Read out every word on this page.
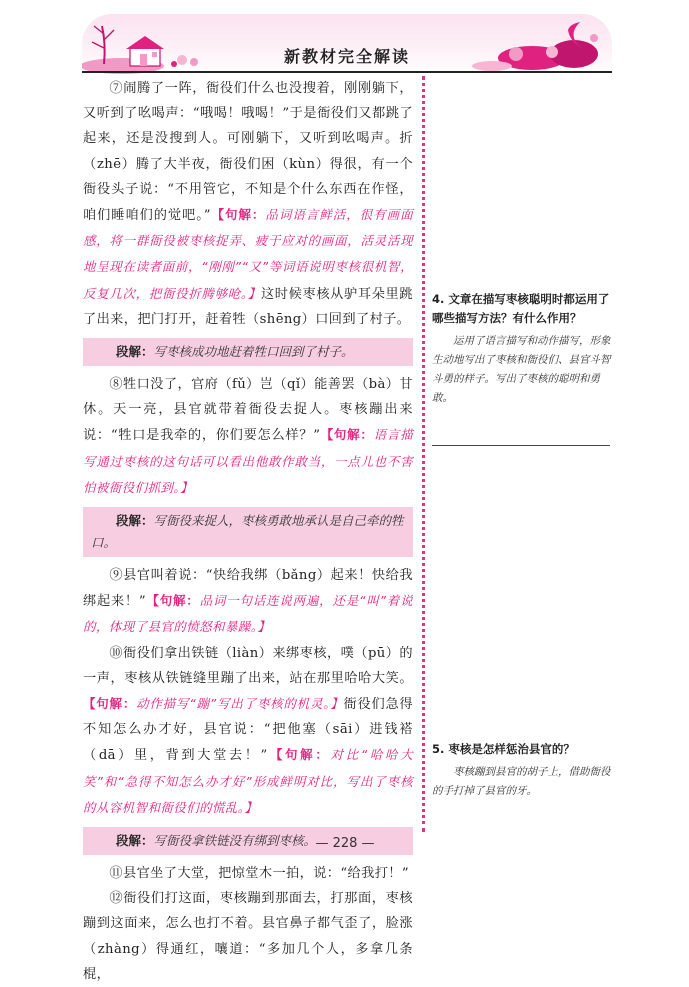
新教材完全解读

⑦闹腾了一阵，衙役们什么也没搜着，刚刚躺下，又听到了吆喝声：“哦喝！哦喝！”于是衙役们又都跳了起来，还是没搜到人。可刚躺下，又听到吆喝声。折（zhē）腾了大半夜，衙役们困（kùn）得很，有一个衙役头子说：“不用管它，不知是个什么东西在作怪，咱们睡咱们的觉吧。”【句解：品词语言鲜活，很有画面感，将一群衙役被枣核捉弄、疲于应对的画面，活灵活现地呈现在读者面前，“刚刚”“又”等词语说明枣核很机智，反复几次，把衙役折腾够呛。】这时候枣核从驴耳朵里跳了出来，把门打开，赶着牲（shēng）口回到了村子。

段解：写枣核成功地赶着牲口回到了村子。

⑧牲口没了，官府（fǔ）岂（qǐ）能善罢（bà）甘休。天一亮，县官就带着衙役去捉人。枣核蹦出来说：“牲口是我牵的，你们要怎么样？”【句解：语言描写通过枣核的这句话可以看出他敢作敢当，一点儿也不害怕被衙役们抓到。】

段解：写衙役来捉人，枣核勇敢地承认是自己牵的牲口。

⑨县官叫着说：“快给我绑（bǎng）起来！快给我绑起来！”【句解：品词一句话连说两遍，还是“叫”着说的，体现了县官的愤怒和暴躁。】

⑩衙役们拿出铁链（liàn）来绑枣核，噗（pū）的一声，枣核从铁链缝里蹦了出来，站在那里哈哈大笑。【句解：动作描写“蹦”写出了枣核的机灵。】衙役们急得不知怎么办才好，县官说：“把他塞（sāi）进钱褡（dā）里，背到大堂去！”【句解：对比“哈哈大笑”和“急得不知怎么办才好”形成鲜明对比，写出了枣核的从容机智和衙役们的慌乱。】

段解：写衙役拿铁链没有绑到枣核。

⑪县官坐了大堂，把惊堂木一拍，说：“给我打！”

⑫衙役们打这面，枣核蹦到那面去，打那面，枣核蹦到这面来，怎么也打不着。县官鼻子都气歪了，脸涨（zhàng）得通红，嚷道：“多加几个人，多拿几条棍，

4. 文章在描写枣核聪明时都运用了哪些描写方法？有什么作用？

运用了语言描写和动作描写，形象生动地写出了枣核和衙役们、县官斗智斗勇的样子。写出了枣核的聪明和勇敢。

5. 枣核是怎样惩治县官的？

枣核蹦到县官的胡子上，借助衙役的手打掉了县官的牙。

— 228 —
